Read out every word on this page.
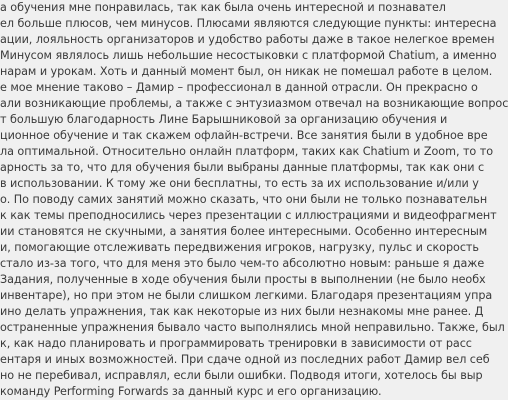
а обучения мне понравилась, так как была очень интересной и познавател
ел больше плюсов, чем минусов. Плюсами являются следующие пункты: интересна
ации, лояльность организаторов и удобство работы даже в такое нелегкое времен
Минусом являлось лишь небольшие несостыковки с платформой Chatium, а именно
нарам и урокам. Хоть и данный момент был, он никак не помешал работе в целом.
е мое мнение таково – Дамир – профессионал в данной отрасли. Он прекрасно о
али возникающие проблемы, а также с энтузиазмом отвечал на возникающие вопрос
т большую благодарность Лине Барышниковой за организацию обучения и
ционное обучение и так скажем офлайн-встречи. Все занятия были в удобное вре
ла оптимальной. Относительно онлайн платформ, таких как Chatium и Zoom, то то
арность за то, что для обучения были выбраны данные платформы, так как они с
в использовании. К тому же они бесплатны, то есть за их использование и/или у
о. По поводу самих занятий можно сказать, что они были не только познавательн
к как темы преподносились через презентации с иллюстрациями и видеофрагмент
ии становятся не скучными, а занятия более интересными. Особенно интересным
и, помогающие отслеживать передвижения игроков, нагрузку, пульс и скорость
стало из-за того, что для меня это было чем-то абсолютно новым: раньше я даже
Задания, полученные в ходе обучения были просты в выполнении (не было необх
инвентаре), но при этом не были слишком легкими. Благодаря презентациям упра
ино делать упражнения, так как некоторые из них были незнакомы мне ранее. Д
остраненные упражнения бывало часто выполнялись мной неправильно. Также, был
к, как надо планировать и программировать тренировки в зависимости от расс
ентаря и иных возможностей. При сдаче одной из последних работ Дамир вел себ
но не перебивал, исправлял, если были ошибки. Подводя итоги, хотелось бы выр
команду Performing Forwards за данный курс и его организацию.
